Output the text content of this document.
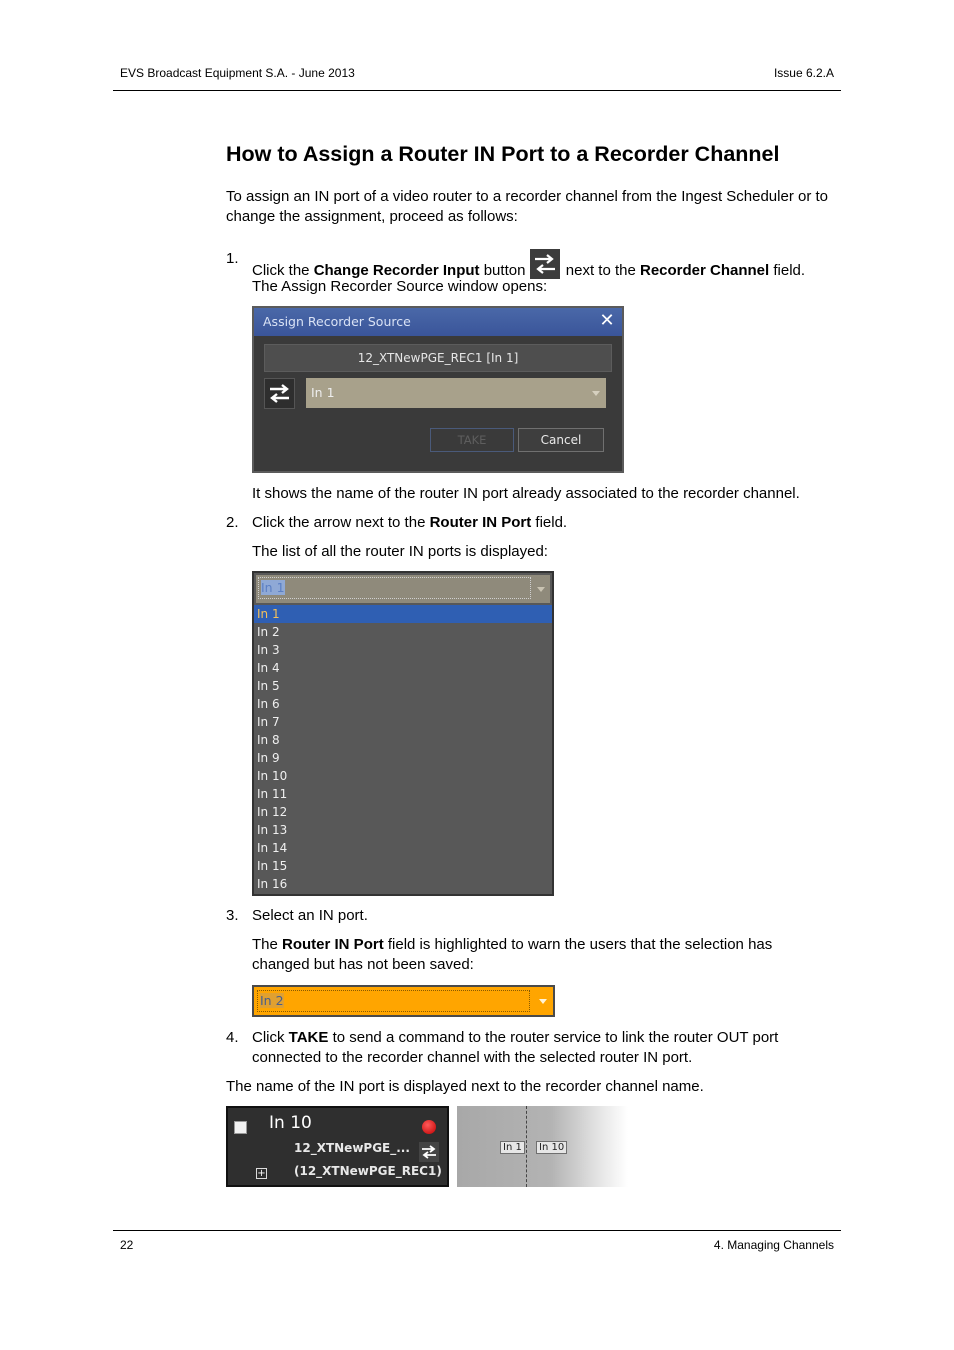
EVS Broadcast Equipment S.A. - June 2013	Issue 6.2.A
How to Assign a Router IN Port to a Recorder Channel
To assign an IN port of a video router to a recorder channel from the Ingest Scheduler or to change the assignment, proceed as follows:
1.
Click the Change Recorder Input button
next to the Recorder Channel field.
The Assign Recorder Source window opens:
Assign Recorder Source	✕
12_XTNewPGE_REC1 [In 1]
In 1
TAKE	Cancel
It shows the name of the router IN port already associated to the recorder channel.
2. Click the arrow next to the Router IN Port field.
The list of all the router IN ports is displayed:
In 1
In 1
In 2
In 3
In 4
In 5
In 6
In 7
In 8
In 9
In 10
In 11
In 12
In 13
In 14
In 15
In 16
3. Select an IN port.
The Router IN Port field is highlighted to warn the users that the selection has
changed but has not been saved:
In 2
4. Click TAKE to send a command to the router service to link the router OUT port
connected to the recorder channel with the selected router IN port.
The name of the IN port is displayed next to the recorder channel name.
In 10
12_XTNewPGE_...
+ (12_XTNewPGE_REC1)
In 1	In 10
22	4. Managing Channels
